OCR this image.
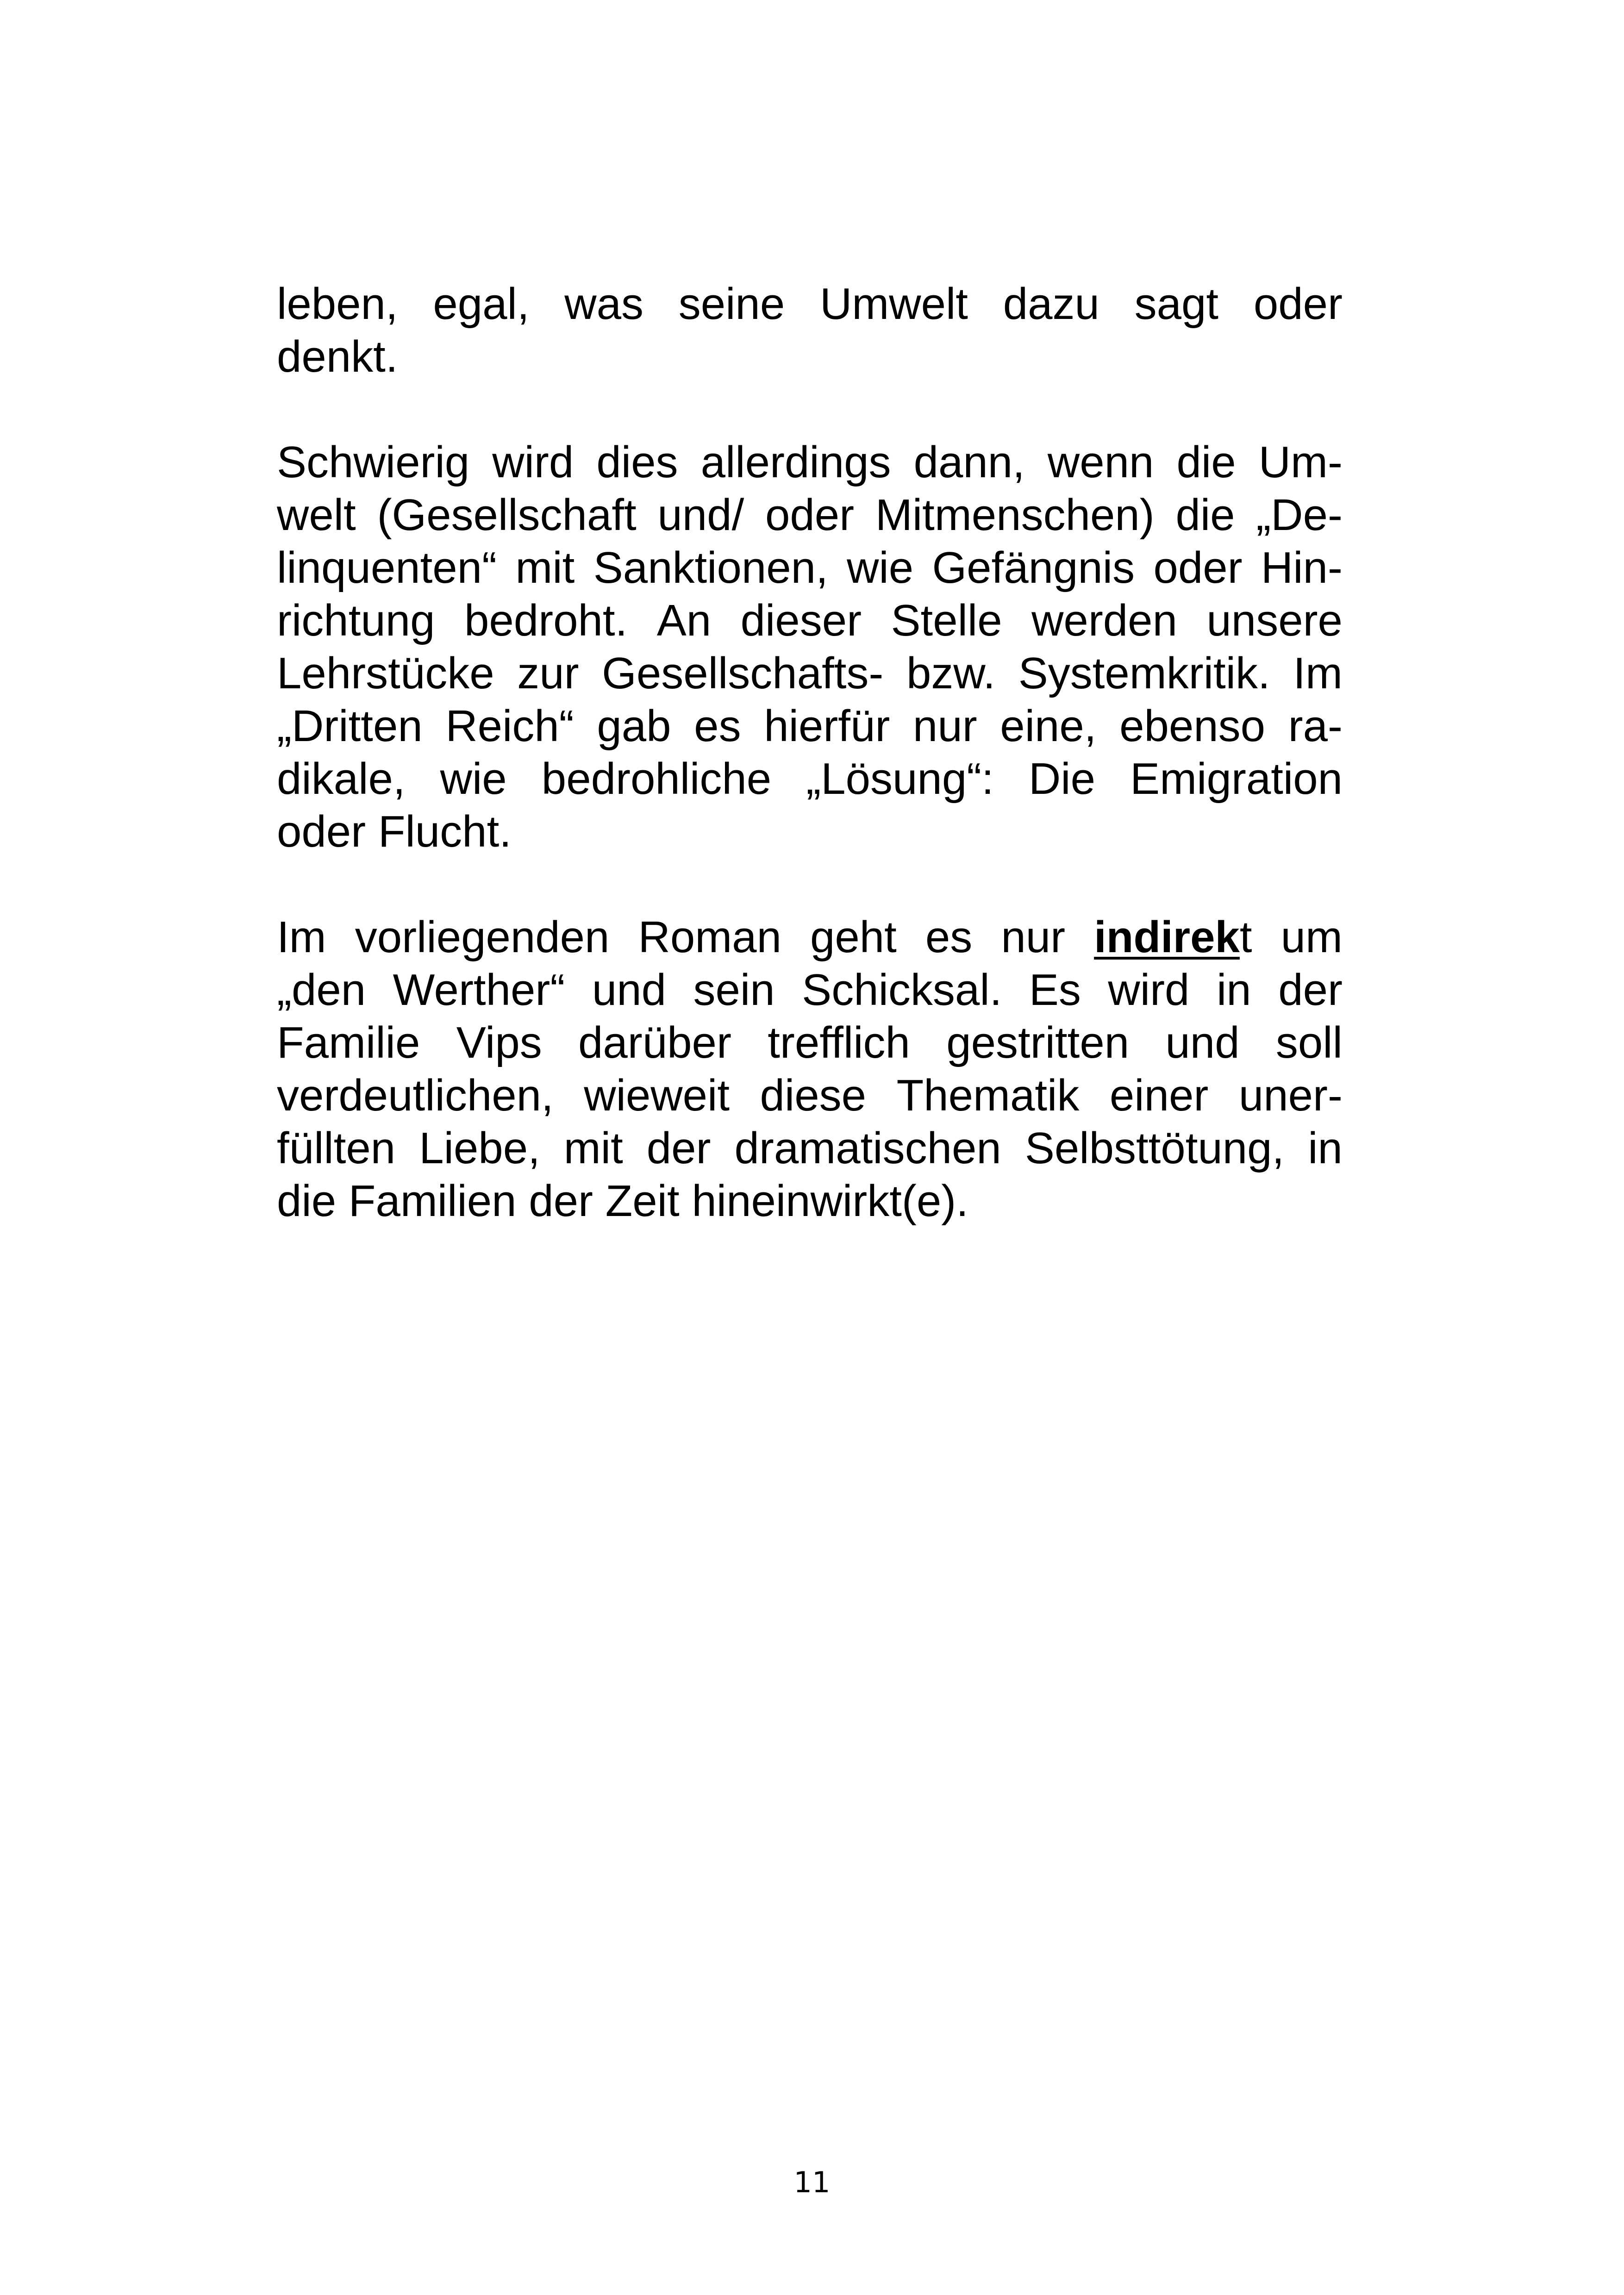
leben, egal, was seine Umwelt dazu sagt oder
denkt.
Schwierig wird dies allerdings dann, wenn die Um-
welt (Gesellschaft und/ oder Mitmenschen) die „De-
linquenten“ mit Sanktionen, wie Gefängnis oder Hin-
richtung bedroht. An dieser Stelle werden unsere
Lehrstücke zur Gesellschafts- bzw. Systemkritik. Im
„Dritten Reich“ gab es hierfür nur eine, ebenso ra-
dikale, wie bedrohliche „Lösung“: Die Emigration
oder Flucht.
Im vorliegenden Roman geht es nur indirekt um
„den Werther“ und sein Schicksal. Es wird in der
Familie Vips darüber trefflich gestritten und soll
verdeutlichen, wieweit diese Thematik einer uner-
füllten Liebe, mit der dramatischen Selbsttötung, in
die Familien der Zeit hineinwirkt(e).
11
